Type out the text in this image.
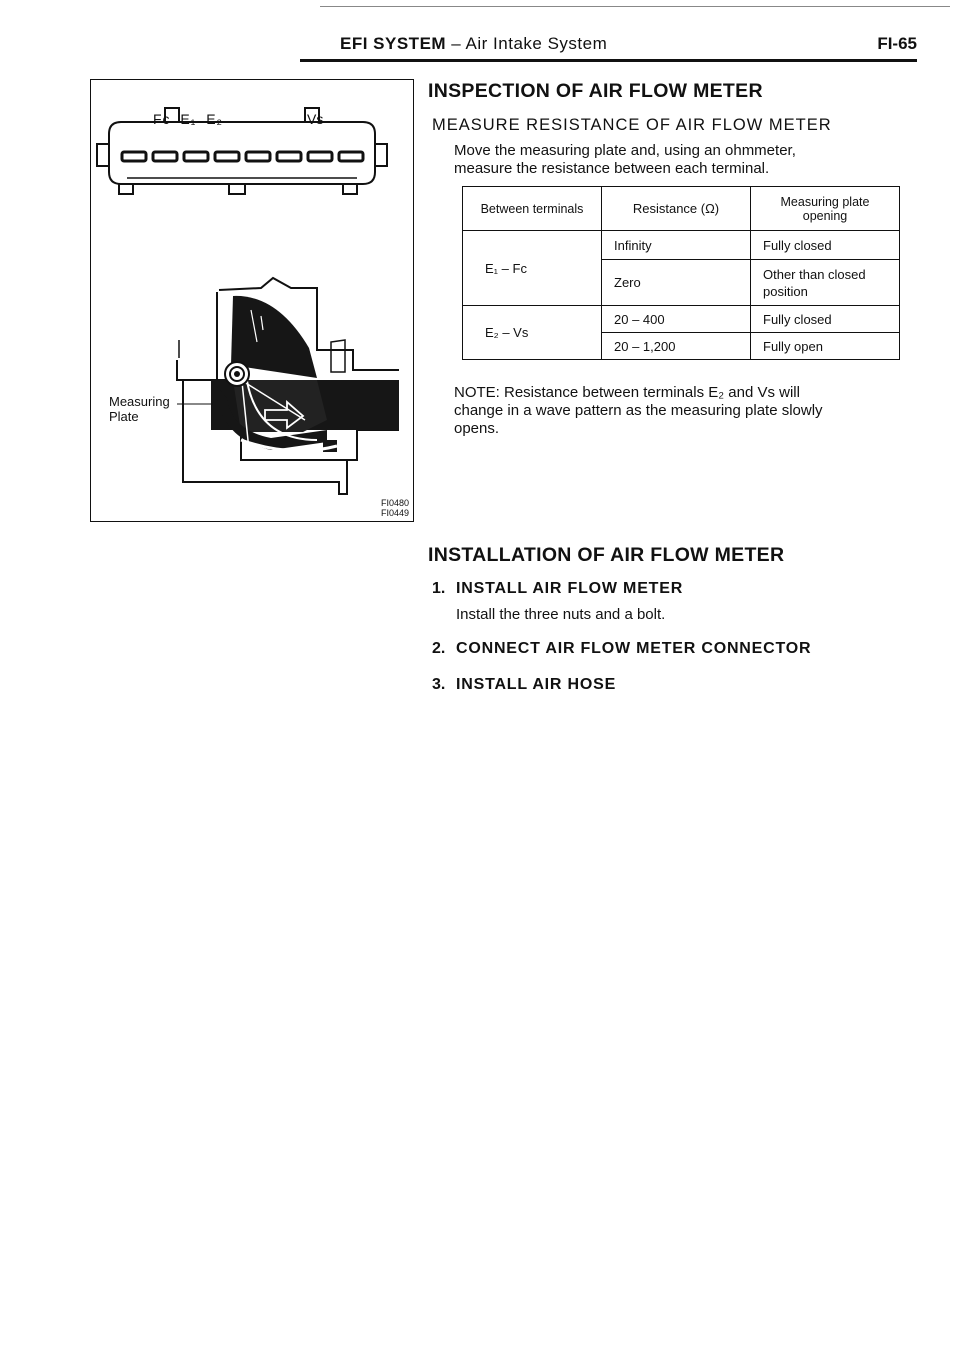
EFI SYSTEM – Air Intake System	FI-65
Fc E₁ E₂	Vs
Measuring
Plate
FI0480
FI0449
INSPECTION OF AIR FLOW METER
MEASURE RESISTANCE OF AIR FLOW METER
Move the measuring plate and, using an ohmmeter,
measure the resistance between each terminal.
Between terminals	Resistance (Ω)	Measuring plate opening
E₁ – Fc	Infinity	Fully closed
	Zero	Other than closed position
E₂ – Vs	20 – 400	Fully closed
	20 – 1,200	Fully open
NOTE: Resistance between terminals E₂ and Vs will
change in a wave pattern as the measuring plate slowly
opens.
INSTALLATION OF AIR FLOW METER
1. INSTALL AIR FLOW METER
Install the three nuts and a bolt.
2. CONNECT AIR FLOW METER CONNECTOR
3. INSTALL AIR HOSE
